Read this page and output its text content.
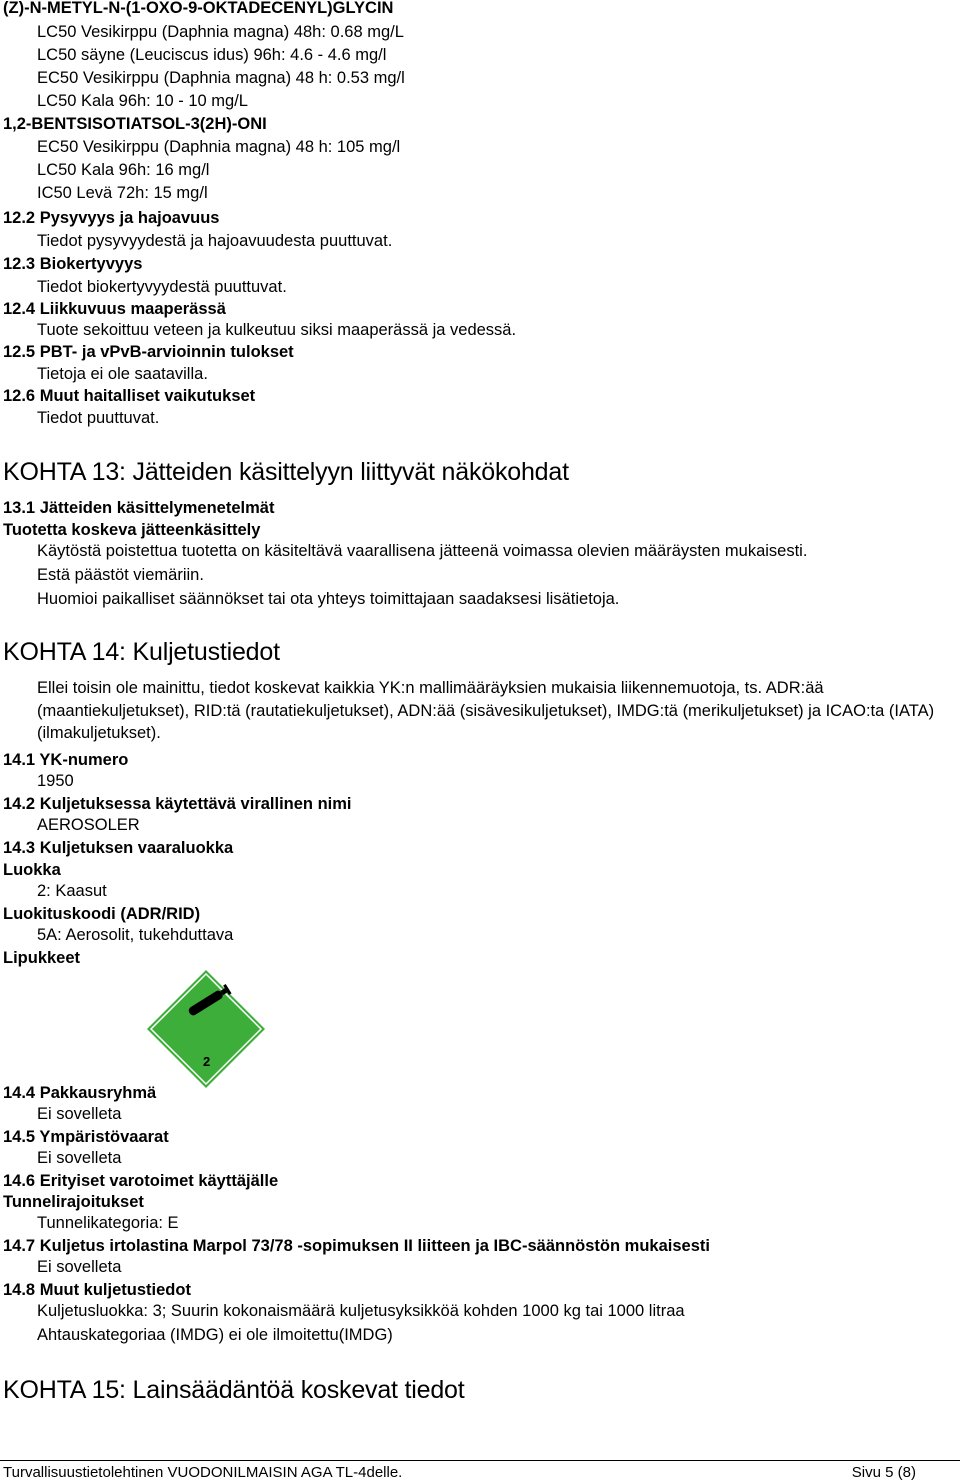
(Z)-N-METYL-N-(1-OXO-9-OKTADECENYL)GLYCIN
LC50 Vesikirppu (Daphnia magna) 48h: 0.68 mg/L
LC50 säyne (Leuciscus idus) 96h: 4.6 - 4.6 mg/l
EC50 Vesikirppu (Daphnia magna) 48 h: 0.53 mg/l
LC50 Kala 96h: 10 - 10 mg/L
1,2-BENTSISOTIATSOL-3(2H)-ONI
EC50 Vesikirppu (Daphnia magna) 48 h: 105 mg/l
LC50 Kala 96h: 16 mg/l
IC50 Levä 72h: 15 mg/l
12.2 Pysyvyys ja hajoavuus
Tiedot pysyvyydestä ja hajoavuudesta puuttuvat.
12.3 Biokertyvyys
Tiedot biokertyvyydestä puuttuvat.
12.4 Liikkuvuus maaperässä
Tuote sekoittuu veteen ja kulkeutuu siksi maaperässä ja vedessä.
12.5 PBT- ja vPvB-arvioinnin tulokset
Tietoja ei ole saatavilla.
12.6 Muut haitalliset vaikutukset
Tiedot puuttuvat.
KOHTA 13: Jätteiden käsittelyyn liittyvät näkökohdat
13.1 Jätteiden käsittelymenetelmät
Tuotetta koskeva jätteenkäsittely
Käytöstä poistettua tuotetta on käsiteltävä vaarallisena jätteenä voimassa olevien määräysten mukaisesti.
Estä päästöt viemäriin.
Huomioi paikalliset säännökset tai ota yhteys toimittajaan saadaksesi lisätietoja.
KOHTA 14: Kuljetustiedot
Ellei toisin ole mainittu, tiedot koskevat kaikkia YK:n mallimääräyksien mukaisia liikennemuotoja, ts. ADR:ää (maantiekuljetukset), RID:tä (rautatiekuljetukset), ADN:ää (sisävesikuljetukset), IMDG:tä (merikuljetukset) ja ICAO:ta (IATA) (ilmakuljetukset).
14.1 YK-numero
1950
14.2 Kuljetuksessa käytettävä virallinen nimi
AEROSOLER
14.3 Kuljetuksen vaaraluokka
Luokka
2: Kaasut
Luokituskoodi (ADR/RID)
5A: Aerosolit, tukehduttava
Lipukkeet
2
14.4 Pakkausryhmä
Ei sovelleta
14.5 Ympäristövaarat
Ei sovelleta
14.6 Erityiset varotoimet käyttäjälle
Tunnelirajoitukset
Tunnelikategoria: E
14.7 Kuljetus irtolastina Marpol 73/78 -sopimuksen II liitteen ja IBC-säännöstön mukaisesti
Ei sovelleta
14.8 Muut kuljetustiedot
Kuljetusluokka: 3; Suurin kokonaismäärä kuljetusyksikköä kohden 1000 kg tai 1000 litraa
Ahtauskategoriaa (IMDG) ei ole ilmoitettu(IMDG)
KOHTA 15: Lainsäädäntöä koskevat tiedot
Turvallisuustietolehtinen VUODONILMAISIN AGA TL-4delle.	Sivu 5 (8)
